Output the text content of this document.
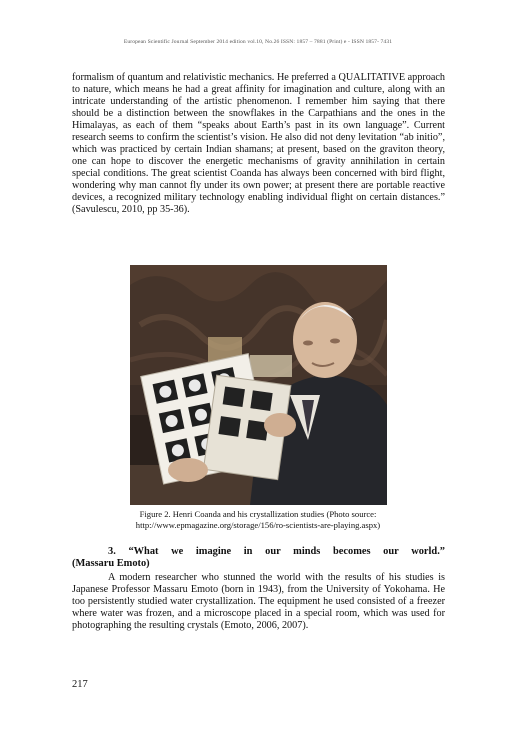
European Scientific Journal September 2014 edition vol.10, No.26 ISSN: 1857 – 7881 (Print) e - ISSN 1857- 7431
formalism of quantum and relativistic mechanics. He preferred a QUALITATIVE approach to nature, which means he had a great affinity for imagination and culture, along with an intricate understanding of the artistic phenomenon. I remember him saying that there should be a distinction between the snowflakes in the Carpathians and the ones in the Himalayas, as each of them “speaks about Earth’s past in its own language”. Current research seems to confirm the scientist’s vision. He also did not deny levitation “ab initio”, which was practiced by certain Indian shamans; at present, based on the graviton theory, one can hope to discover the energetic mechanisms of gravity annihilation in certain special conditions. The great scientist Coanda has always been concerned with bird flight, wondering why man cannot fly under its own power; at present there are portable reactive devices, a recognized military technology enabling individual flight on certain distances.” (Savulescu, 2010, pp 35-36).
Figure 2. Henri Coanda and his crystallization studies (Photo source:
http://www.epmagazine.org/storage/156/ro-scientists-are-playing.aspx)
3. “What we imagine in our minds becomes our world.”
(Massaru Emoto)
A modern researcher who stunned the world with the results of his studies is Japanese Professor Massaru Emoto (born in 1943), from the University of Yokohama. He too persistently studied water crystallization. The equipment he used consisted of a freezer where water was frozen, and a microscope placed in a special room, which was used for photographing the resulting crystals (Emoto, 2006, 2007).
217
